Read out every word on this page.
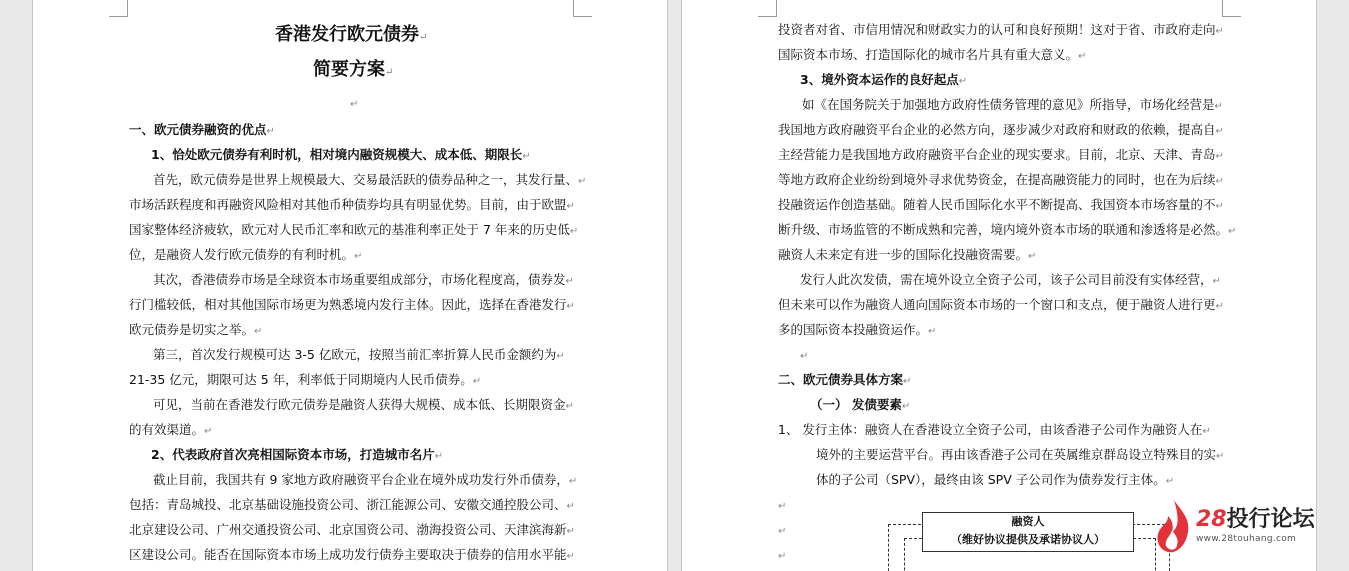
香港发行欧元债券↵
简要方案↵
↵
一、欧元债券融资的优点↵
1、恰处欧元债券有利时机，相对境内融资规模大、成本低、期限长↵
首先，欧元债券是世界上规模最大、交易最活跃的债券品种之一，其发行量、↵
市场活跃程度和再融资风险相对其他币种债券均具有明显优势。目前，由于欧盟↵
国家整体经济疲软，欧元对人民币汇率和欧元的基准利率正处于 7 年来的历史低↵
位，是融资人发行欧元债券的有利时机。↵
其次，香港债券市场是全球资本市场重要组成部分，市场化程度高，债券发↵
行门槛较低，相对其他国际市场更为熟悉境内发行主体。因此，选择在香港发行↵
欧元债券是切实之举。↵
第三，首次发行规模可达 3-5 亿欧元，按照当前汇率折算人民币金额约为↵
21-35 亿元，期限可达 5 年，利率低于同期境内人民币债券。↵
可见，当前在香港发行欧元债券是融资人获得大规模、成本低、长期限资金↵
的有效渠道。↵
2、代表政府首次亮相国际资本市场，打造城市名片↵
截止目前，我国共有 9 家地方政府融资平台企业在境外成功发行外币债券，↵
包括：青岛城投、北京基础设施投资公司、浙江能源公司、安徽交通控股公司、↵
北京建设公司、广州交通投资公司、北京国资公司、渤海投资公司、天津滨海新↵
区建设公司。能否在国际资本市场上成功发行债券主要取决于债券的信用水平能↵
投资者对省、市信用情况和财政实力的认可和良好预期！这对于省、市政府走向↵
国际资本市场、打造国际化的城市名片具有重大意义。↵
3、境外资本运作的良好起点↵
如《在国务院关于加强地方政府性债务管理的意见》所指导，市场化经营是↵
我国地方政府融资平台企业的必然方向，逐步减少对政府和财政的依赖，提高自↵
主经营能力是我国地方政府融资平台企业的现实要求。目前，北京、天津、青岛↵
等地方政府企业纷纷到境外寻求优势资金，在提高融资能力的同时，也在为后续↵
投融资运作创造基础。随着人民币国际化水平不断提高、我国资本市场容量的不↵
断升级、市场监管的不断成熟和完善，境内境外资本市场的联通和渗透将是必然。↵
融资人未来定有进一步的国际化投融资需要。↵
发行人此次发债，需在境外设立全资子公司，该子公司目前没有实体经营，↵
但未来可以作为融资人通向国际资本市场的一个窗口和支点，便于融资人进行更↵
多的国际资本投融资运作。↵
↵
二、欧元债券具体方案↵
（一） 发债要素↵
1、 发行主体：融资人在香港设立全资子公司，由该香港子公司作为融资人在↵
境外的主要运营平台。再由该香港子公司在英属维京群岛设立特殊目的实↵
体的子公司（SPV），最终由该 SPV 子公司作为债券发行主体。↵
↵
↵
↵
融资人
（维好协议提供及承诺协议人）
28投行论坛
www.28touhang.com
